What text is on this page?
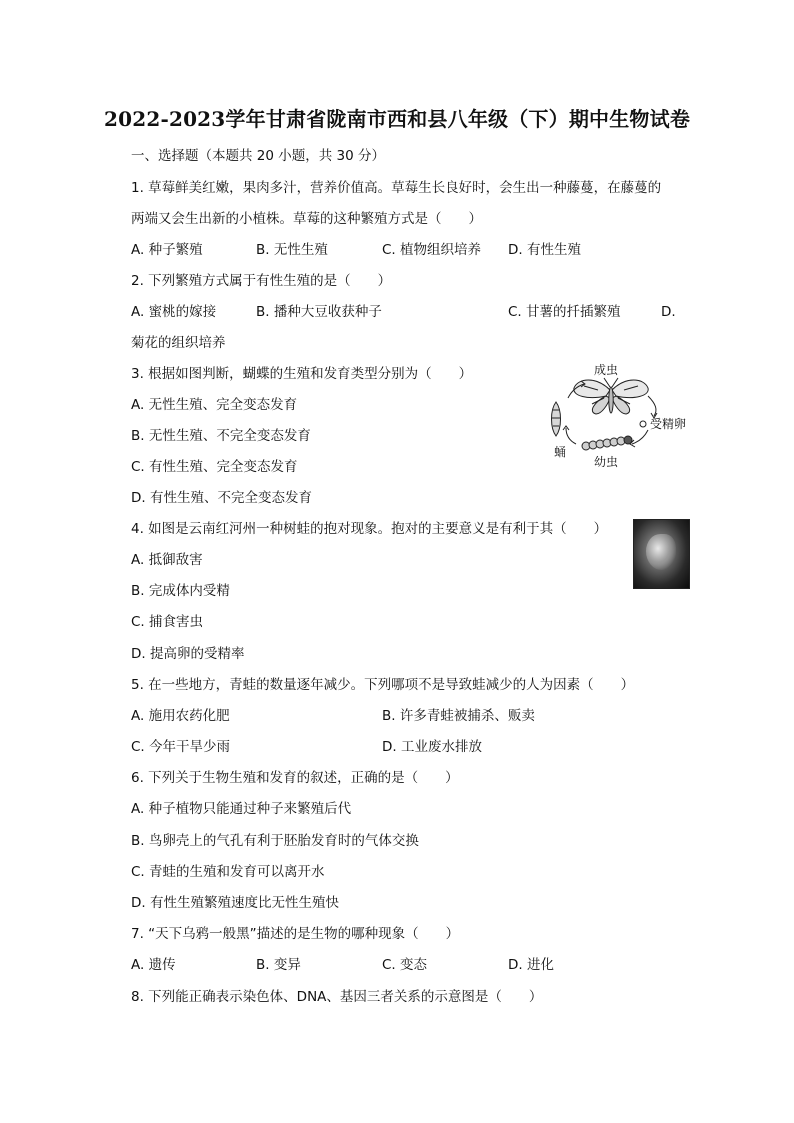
2022-2023学年甘肃省陇南市西和县八年级（下）期中生物试卷
一、选择题（本题共 20 小题，共 30 分）
1. 草莓鲜美红嫩，果肉多汁，营养价值高。草莓生长良好时，会生出一种藤蔓，在藤蔓的
两端又会生出新的小植株。草莓的这种繁殖方式是（　　）
A. 种子繁殖	B. 无性生殖	C. 植物组织培养 D. 有性生殖
2. 下列繁殖方式属于有性生殖的是（　　）
A. 蜜桃的嫁接	B. 播种大豆收获种子	C. 甘薯的扦插繁殖	D.
菊花的组织培养
3. 根据如图判断，蝴蝶的生殖和发育类型分别为（　　）
A. 无性生殖、完全变态发育
B. 无性生殖、不完全变态发育
C. 有性生殖、完全变态发育
D. 有性生殖、不完全变态发育
成虫
受精卵
幼虫
蛹
4. 如图是云南红河州一种树蛙的抱对现象。抱对的主要意义是有利于其（　　）
A. 抵御敌害
B. 完成体内受精
C. 捕食害虫
D. 提高卵的受精率
5. 在一些地方，青蛙的数量逐年减少。下列哪项不是导致蛙减少的人为因素（　　）
A. 施用农药化肥	B. 许多青蛙被捕杀、贩卖
C. 今年干旱少雨	D. 工业废水排放
6. 下列关于生物生殖和发育的叙述，正确的是（　　）
A. 种子植物只能通过种子来繁殖后代
B. 鸟卵壳上的气孔有利于胚胎发育时的气体交换
C. 青蛙的生殖和发育可以离开水
D. 有性生殖繁殖速度比无性生殖快
7. “天下乌鸦一般黑”描述的是生物的哪种现象（　　）
A. 遗传	B. 变异	C. 变态	D. 进化
8. 下列能正确表示染色体、DNA、基因三者关系的示意图是（　　）
